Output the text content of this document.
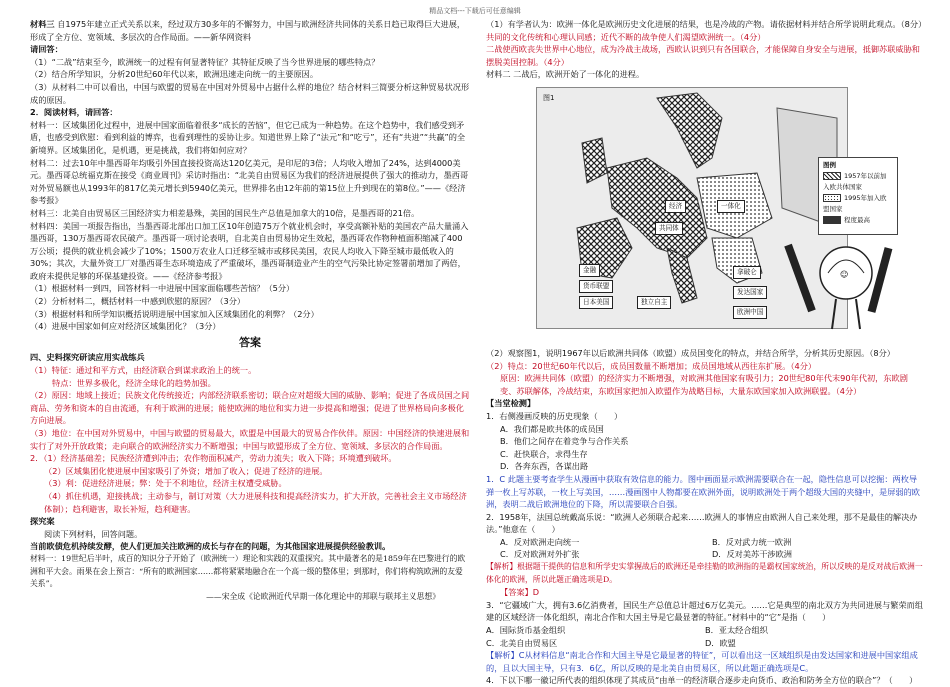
精品文档---下载后可任意编辑

材料三 自1975年建立正式关系以来，经过双方30多年的不懈努力，中国与欧洲经济共同体的关系日趋已取得巨大进展，形成了全方位、宽领域、多层次的合作局面。——新华网资料

请回答：

（1）“二战”结束至今，欧洲统一的过程有何显著特征？其特征反映了当今世界进展的哪些特点？

（2）结合所学知识，分析20世纪60年代以来，欧洲迅速走向统一的主要原因。

（3）从材料二中可以看出，中国与欧盟的贸易在中国对外贸易中占据什么样的地位？结合材料三简要分析这种贸易状况形成的原因。

2．阅读材料，请回答：

材料一：区域集团化过程中，进展中国家面临着很多“成长的苦恼”，但它已成为一种趋势。在这个趋势中，我们感受到矛盾，也感受到欣慰：看到利益的博弈，也看到理性的妥协让步。知道世界上除了“法元”和“吃亏”，还有“共进”“共赢”的全新境界。区域集团化，是机遇，更是挑战，我们将如何应对？

材料二：过去10年中墨西哥年均吸引外国直接投资高达120亿美元，是印尼的3倍；人均收入增加了24%，达到4000美元。墨西哥总统福克斯在接受《商业周刊》采访时指出：“北美自由贸易区为我们的经济进展提供了强大的推动力，墨西哥对外贸易额也从1993年的817亿美元增长到5940亿美元，世界排名由12年前的第15位上升到现在的第8位。”——《经济参考报》

材料三：北美自由贸易区三国经济实力相差悬殊，美国的国民生产总值是加拿大的10倍，是墨西哥的21倍。

材料四：美国一项报告指出，当墨西哥北部出口加工区10年创造75万个就业机会时，享受高额补贴的美国农产品大量涌入墨西哥，130万墨西哥农民破产。墨西哥一项讨论表明，自北美自由贸易协定生效起，墨西哥农作物种植面积缩减了400万公顷；提供的就业机会减少了10%；1500万农业人口迁移至城市或移民美国，农民人均收入下降至城市最低收入的30%；其次，大量外资工厂对墨西哥生态环境造成了严重破坏，墨西哥制造业产生的空气污染比协定签署前增加了两倍，政府未提供足够的环保基建投资。——《经济参考报》

（1）根据材料一到四，回答材料一中进展中国家面临哪些苦恼？（5分）

（2）分析材料二，概括材料一中感到欣慰的原因？（3分）

（3）根据材料和所学知识概括说明进展中国家加入区域集团化的利弊？（2分）

（4）进展中国家如何应对经济区域集团化？（3分）

答案

四、史料探究研读应用实战练兵

（1）特征：通过和平方式，由经济联合到谋求政治上的统一。

特点：世界多极化，经济全球化的趋势加强。

（2）原因：地域上接近；民族文化传统接近；内部经济联系密切；联合应对超级大国的威胁、影响；促进了各成员国之间商品、劳务和资本的自由流通，有利于欧洲的进展；能使欧洲的地位和实力进一步提高和增强；促进了世界格局向多极化方向进展。

（3）地位：在中国对外贸易中，中国与欧盟的贸易最大，欧盟是中国最大的贸易合作伙伴。原因：中国经济的快速进展和实行了对外开放政策；走向联合的欧洲经济实力不断增强；中国与欧盟形成了全方位、宽领域、多层次的合作局面。

2．（1）经济基础差；民族经济遭到冲击；农作物面积减产，劳动力流失；收入下降；环境遭到破坏。

（2）区域集团化使进展中国家吸引了外资；增加了收入；促进了经济的进展。

（3）利：促进经济进展；弊：处于不利地位，经济主权遭受威胁。

（4）抓住机遇，迎接挑战；主动参与，制订对策（大力进展科技和提高经济实力，扩大开放，完善社会主义市场经济体制）；趋利避害，取长补短，趋利避害。

探究案

阅读下列材料，回答问题。

当前欧债危机持续发酵，使人们更加关注欧洲的成长与存在的问题，为其他国家进展提供经验教训。

材料一：19世纪后半叶，成百的知识分子开始了（欧洲统一）理论和实践的双重探究。其中最著名的是1859年在巴黎进行的欧洲和平大会。雨果在会上预言：“所有的欧洲国家……都将紧紧地融合在一个高一级的整体里；到那时，你们将构筑欧洲的友爱关系”。

——宋全成《论欧洲近代早期一体化理论中的邦联与联邦主义思想》

（1）有学者认为：欧洲一体化是欧洲历史文化进展的结果，也是冷战的产物。请依据材料并结合所学说明此观点。（8分）

共同的文化传统和心理认同感；近代不断的战争使人们渴望欧洲统一。（4分）

二战使西欧丧失世界中心地位，成为冷战主战场，西欧认识到只有各国联合，才能保障自身安全与进展，抵御苏联威胁和摆脱美国控制。（4分）

材料二 二战后，欧洲开始了一体化的进程。

经济	一体化
共同体
金融
货币联盟
日本美国
拿破仑
独立自主
发达国家
欧洲中国
图1
图例
1957年以前加入欧共体国家
1995年加入欧盟国家
程度最高
☺

（2）观察图1，说明1967年以后欧洲共同体（欧盟）成员国变化的特点，并结合所学，分析其历史原因。（8分）

（2）特点：20世纪60年代以后，成员国数量不断增加；成员国地域从西往东扩展。（4分）

原因：欧洲共同体（欧盟）的经济实力不断增强，对欧洲其他国家有吸引力；20世纪80年代末90年代初，东欧剧变、苏联解体，冷战结束，东欧国家把加入欧盟作为战略目标，大量东欧国家加入欧洲联盟。（4分）

【当堂检测】

1．右侧漫画反映的历史现象（　　）

A．我们都是欧共体的成员国

B．他们之间存在着竞争与合作关系

C．赶快联合，求得生存

D．各奔东西，各谋出路

1．C 此题主要考查学生从漫画中获取有效信息的能力。图中画面显示欧洲需要联合在一起，隐性信息可以挖掘：两枚导弹一枚上写苏联，一枚上写美国，……漫画图中人物都要在欧洲外面，说明欧洲处于两个超级大国的夹缝中，是屏弱的欧洲，表明二战后欧洲地位的下降，所以需要联合自强。

2．1958年，法国总统戴高乐说：“欧洲人必须联合起来……欧洲人的事情应由欧洲人自己来处理，那不是最佳的解决办法。”他意在（　　）

A．反对欧洲走向统一	B．反对武力统一欧洲

C．反对欧洲对外扩张	D．反对美苏干涉欧洲

【解析】根据题干提供的信息和所学史实掌握战后的欧洲还是牵挂勒的欧洲指的是霸权国家统治，所以反映的是反对战后欧洲一体化的欧洲，所以此题正确选项是D。

【答案】D

3．“它疆域广大，拥有3.6亿消费者，国民生产总值总计超过6万亿美元。……它是典型的南北双方为共同进展与繁荣而组建的区域经济一体化组织，南北合作和大国主导是它最显著的特征。”材料中的“它”是指（　　）

A．国际货币基金组织	B．亚太经合组织

C．北美自由贸易区	D．欧盟

【解析】C从材料信息“南北合作和大国主导是它最显著的特征”，可以看出这一区域组织是由发达国家和进展中国家组成的，且以大国主导，只有3．6亿，所以反映的是北美自由贸易区，所以此题正确选项是C。

4．下以下哪一徽记所代表的组织体现了其成员“由单一的经济联合逐步走向货币、政治和防务全方位的联合”？（　　）
